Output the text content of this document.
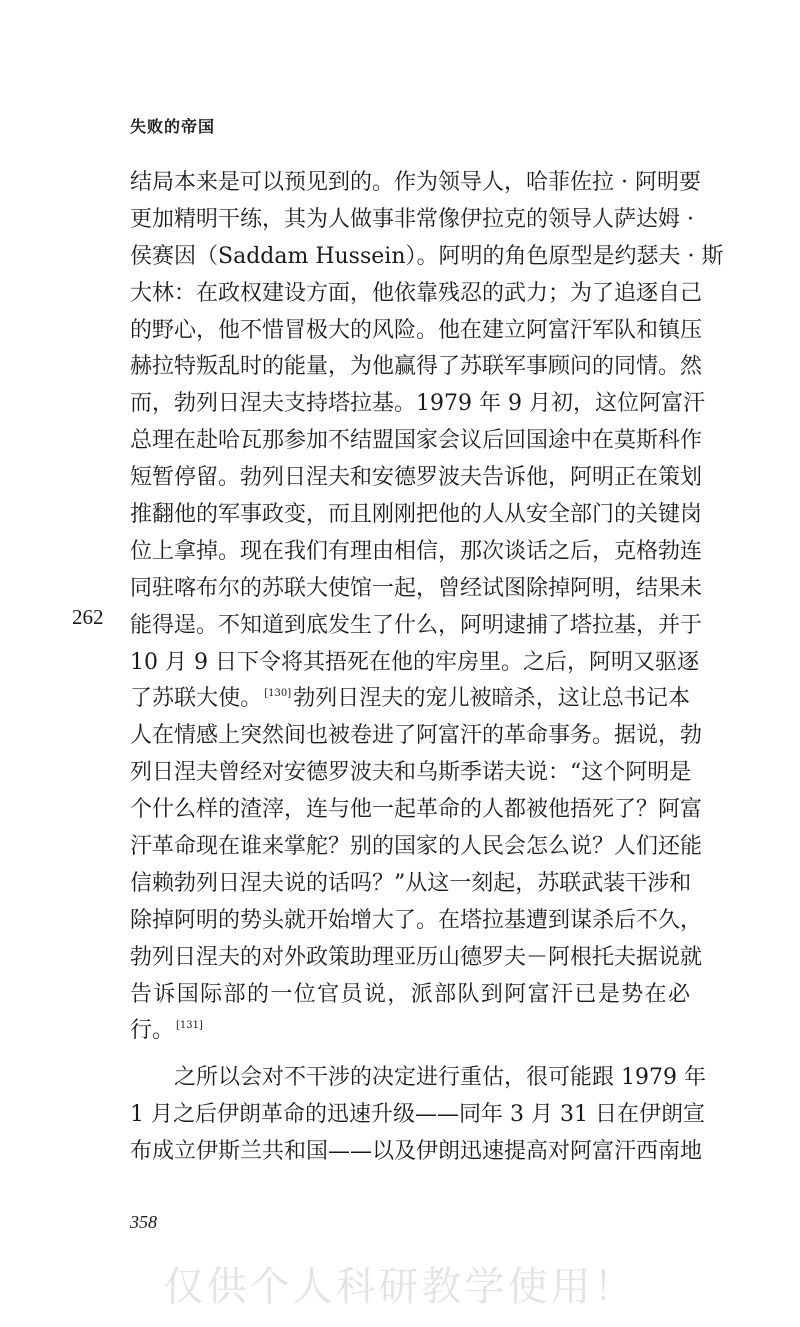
失败的帝国
262
结局本来是可以预见到的。作为领导人，哈菲佐拉 · 阿明要
更加精明干练，其为人做事非常像伊拉克的领导人萨达姆 ·
侯赛因（Saddam Hussein）。阿明的角色原型是约瑟夫 · 斯
大林：在政权建设方面，他依靠残忍的武力；为了追逐自己
的野心，他不惜冒极大的风险。他在建立阿富汗军队和镇压
赫拉特叛乱时的能量，为他赢得了苏联军事顾问的同情。然
而，勃列日涅夫支持塔拉基。1979 年 9 月初，这位阿富汗
总理在赴哈瓦那参加不结盟国家会议后回国途中在莫斯科作
短暂停留。勃列日涅夫和安德罗波夫告诉他，阿明正在策划
推翻他的军事政变，而且刚刚把他的人从安全部门的关键岗
位上拿掉。现在我们有理由相信，那次谈话之后，克格勃连
同驻喀布尔的苏联大使馆一起，曾经试图除掉阿明，结果未
能得逞。不知道到底发生了什么，阿明逮捕了塔拉基，并于
10 月 9 日下令将其捂死在他的牢房里。之后，阿明又驱逐
了苏联大使。 [130]勃列日涅夫的宠儿被暗杀，这让总书记本
人在情感上突然间也被卷进了阿富汗的革命事务。据说，勃
列日涅夫曾经对安德罗波夫和乌斯季诺夫说：“这个阿明是
个什么样的渣滓，连与他一起革命的人都被他捂死了？阿富
汗革命现在谁来掌舵？别的国家的人民会怎么说？人们还能
信赖勃列日涅夫说的话吗？”从这一刻起，苏联武装干涉和
除掉阿明的势头就开始增大了。在塔拉基遭到谋杀后不久，
勃列日涅夫的对外政策助理亚历山德罗夫－阿根托夫据说就
告诉国际部的一位官员说，派部队到阿富汗已是势在必
行。 [131]
之所以会对不干涉的决定进行重估，很可能跟 1979 年
1 月之后伊朗革命的迅速升级——同年 3 月 31 日在伊朗宣
布成立伊斯兰共和国——以及伊朗迅速提高对阿富汗西南地
358
仅供个人科研教学使用！
